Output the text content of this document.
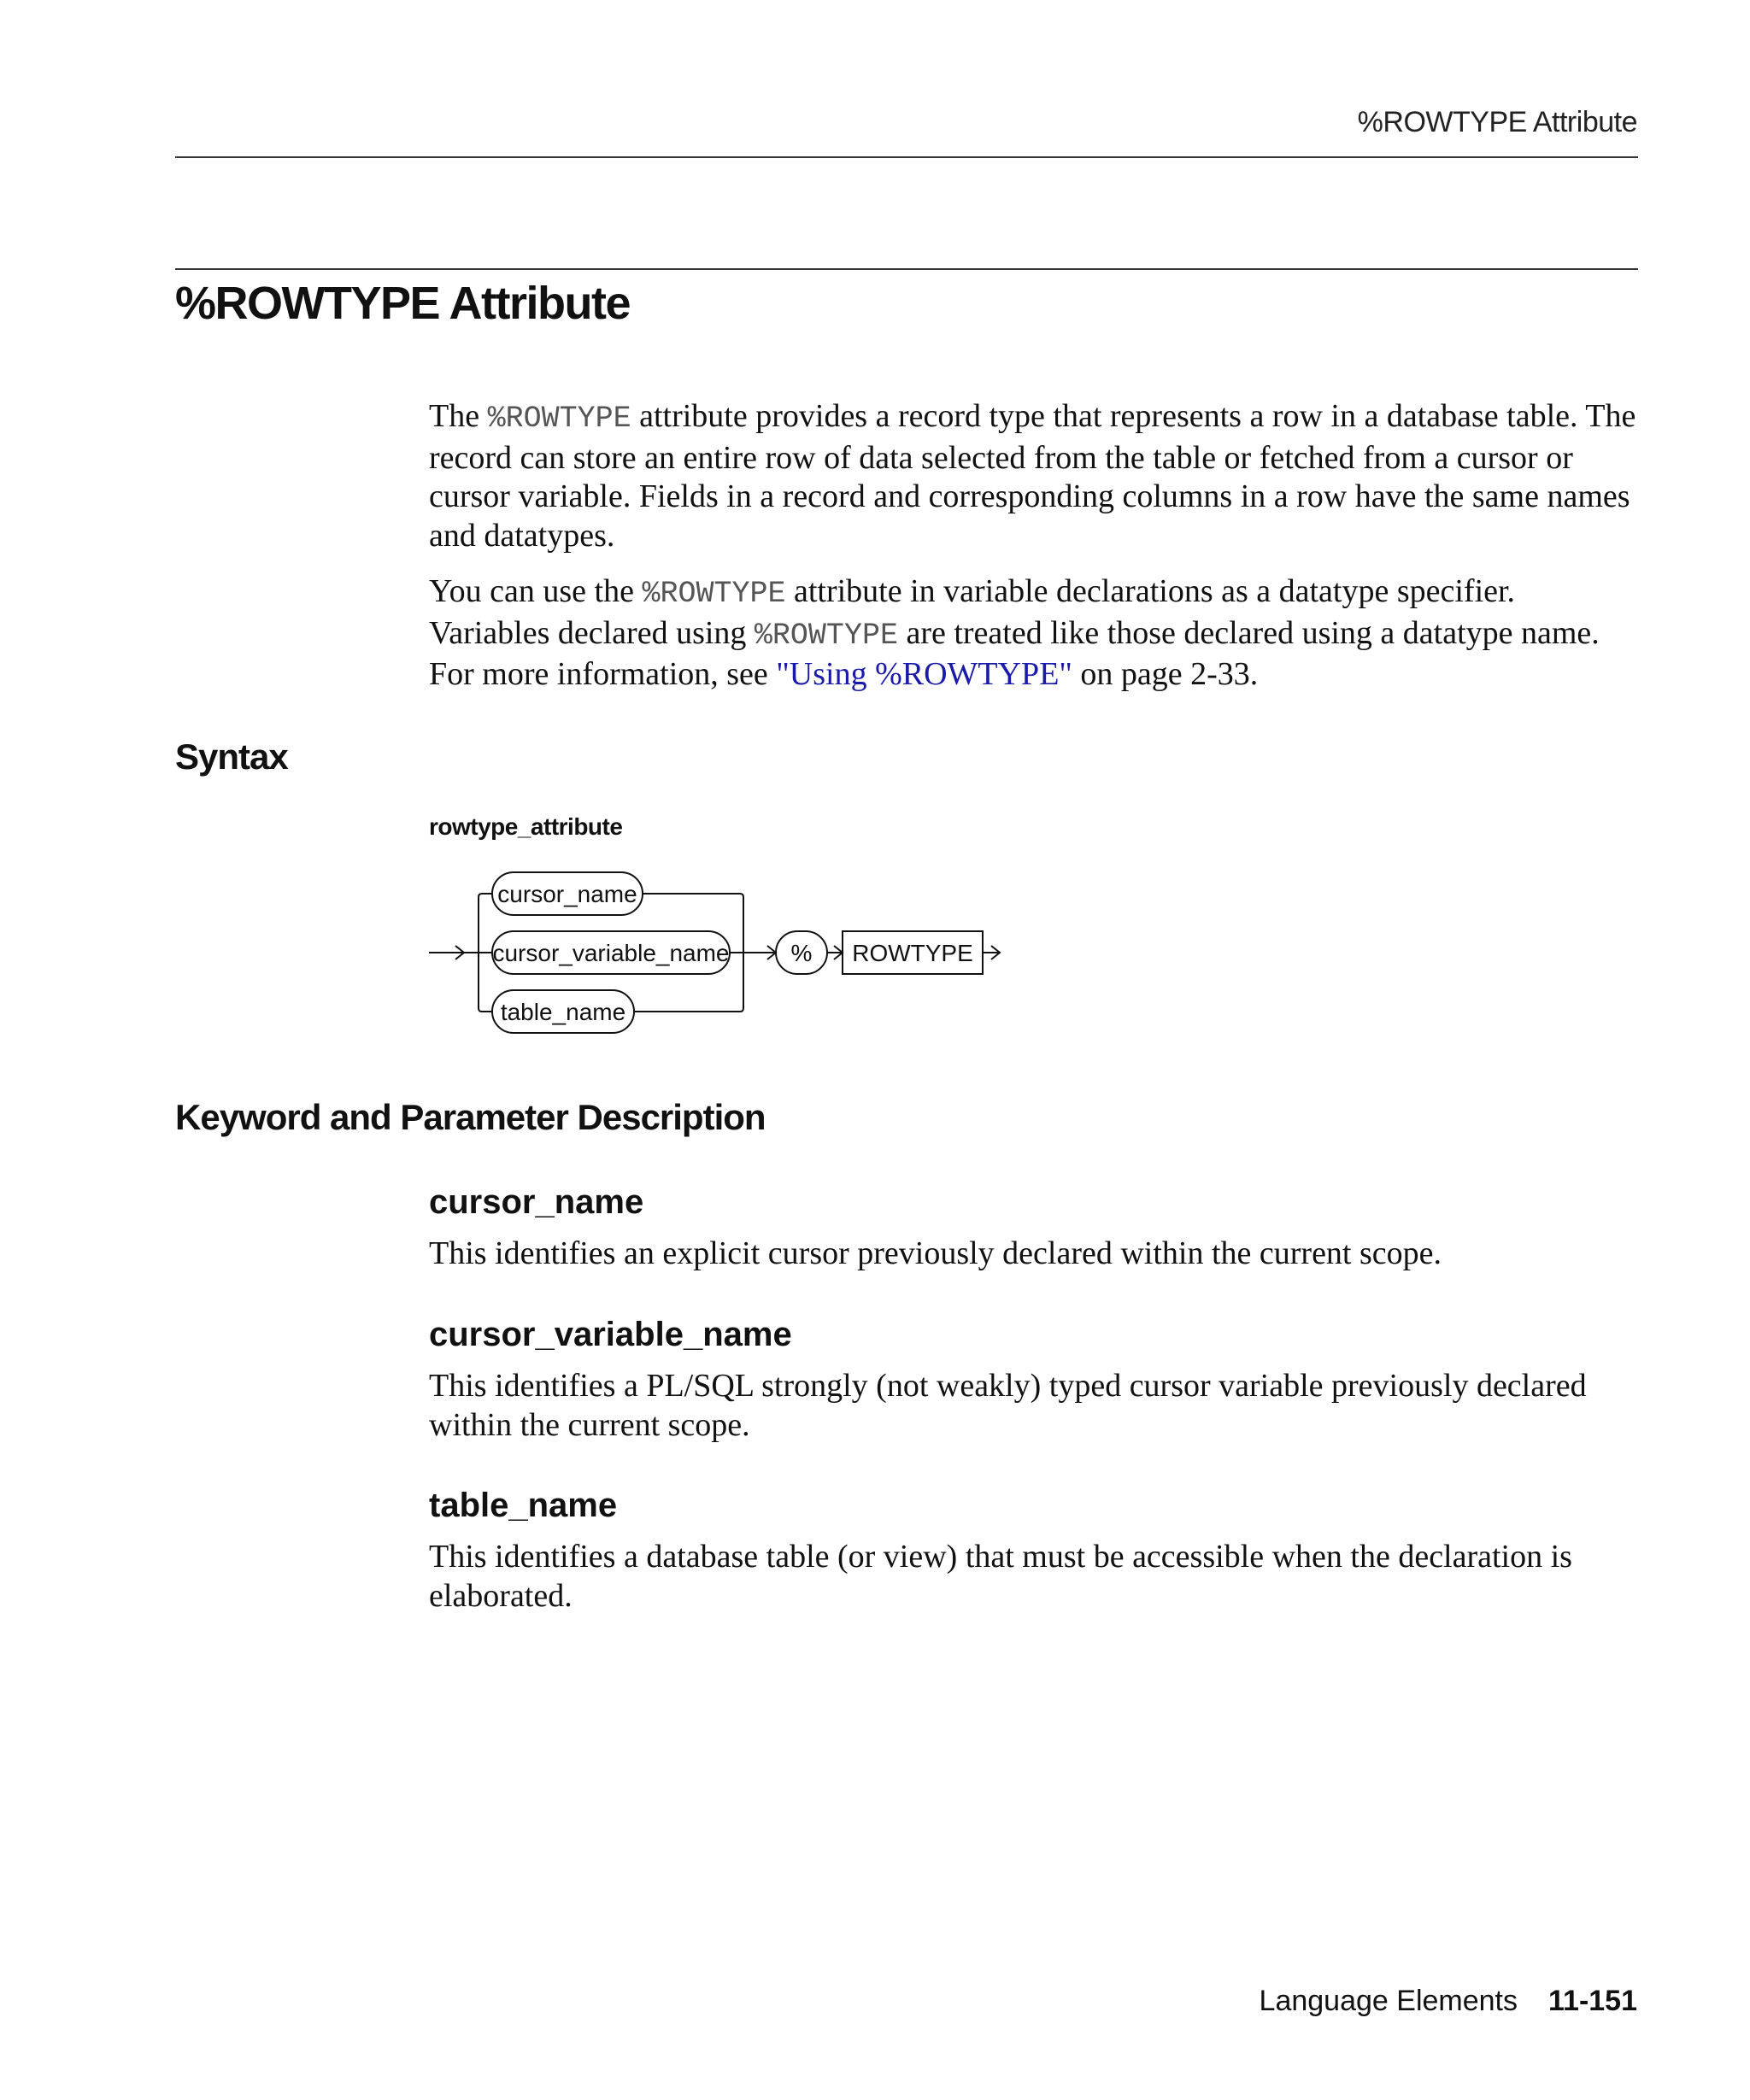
%ROWTYPE Attribute
%ROWTYPE Attribute

The %ROWTYPE attribute provides a record type that represents a row in a database table. The record can store an entire row of data selected from the table or fetched from a cursor or cursor variable. Fields in a record and corresponding columns in a row have the same names and datatypes.

You can use the %ROWTYPE attribute in variable declarations as a datatype specifier. Variables declared using %ROWTYPE are treated like those declared using a datatype name. For more information, see "Using %ROWTYPE" on page 2-33.

Syntax
rowtype_attribute
cursor_name
cursor_variable_name
table_name
% ROWTYPE
Keyword and Parameter Description
cursor_name

This identifies an explicit cursor previously declared within the current scope.

cursor_variable_name

This identifies a PL/SQL strongly (not weakly) typed cursor variable previously declared within the current scope.

table_name

This identifies a database table (or view) that must be accessible when the declaration is elaborated.

Language Elements 11-151
